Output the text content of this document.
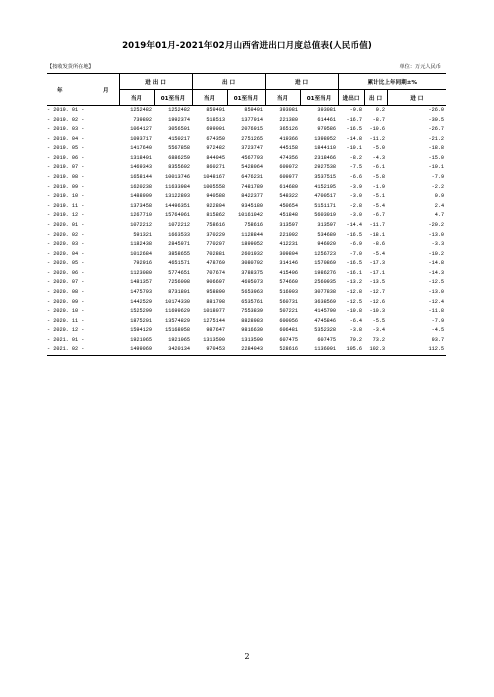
2019年01月-2021年02月山西省进出口月度总值表(人民币值)
【按收发货所在地】	单位：万元人民币
年 月	进 出 口		出 口		进 口		累计比上年同期±%		
	当月	01至当月	当月	01至当月	当月	01至当月	进出口	出 口	进 口
- 2019. 01 -	1252482	1252482	859401	859401	393081	393081	-9.8	0.2	-26.0
- 2019. 02 -	739892	1992374	518513	1377914	221380	614461	-16.7	-8.7	-30.5
- 2019. 03 -	1064127	3056501	699001	2076915	365126	979586	-16.5	-10.6	-26.7
- 2019. 04 -	1093717	4150217	674350	2751265	419366	1398952	-14.8	-11.2	-21.2
- 2019. 05 -	1417640	5567858	972482	3723747	445158	1844110	-10.1	-5.0	-18.8
- 2019. 06 -	1318401	6886259	844045	4567793	474356	2318466	-8.2	-4.3	-15.0
- 2019. 07 -	1469343	8355602	860271	5428064	609072	2927538	-7.5	-6.1	-10.1
- 2019. 08 -	1658144	10013746	1048167	6476231	609977	3537515	-6.6	-5.8	-7.9
- 2019. 09 -	1620238	11633984	1005558	7481789	614680	4152195	-3.9	-1.9	-2.2
- 2019. 10 -	1488909	13122893	940588	8422377	548322	4700517	-3.0	-5.1	0.9
- 2019. 11 -	1373458	14496351	922804	9345180	450654	5151171	-2.8	-5.4	2.4
- 2019. 12 -	1267710	15764061	815862	10161042	451848	5603019	-3.0	-6.7	4.7
- 2020. 01 -	1072212	1072212	758616	758616	313597	313597	-14.4	-11.7	-20.2
- 2020. 02 -	591321	1663533	370229	1128844	221092	534689	-16.5	-18.1	-13.0
- 2020. 03 -	1182438	2845971	770207	1899052	412231	946920	-6.9	-8.6	-3.3
- 2020. 04 -	1012684	3858655	702881	2601932	309804	1256723	-7.0	-5.4	-10.2
- 2020. 05 -	792916	4651571	478769	3080702	314146	1570869	-16.5	-17.3	-14.8
- 2020. 06 -	1123080	5774651	707674	3788375	415406	1986276	-16.1	-17.1	-14.3
- 2020. 07 -	1481357	7256008	906697	4695073	574660	2560935	-13.2	-13.5	-12.5
- 2020. 08 -	1475793	8731801	958890	5653963	516903	3077838	-12.8	-12.7	-13.0
- 2020. 09 -	1442529	10174330	881798	6535761	560731	3638569	-12.5	-12.6	-12.4
- 2020. 10 -	1525299	11699629	1018077	7553839	507221	4145790	-10.8	-10.3	-11.8
- 2020. 11 -	1875201	13574829	1275144	8828983	600056	4745846	-6.4	-5.5	-7.9
- 2020. 12 -	1594129	15168958	987647	9816630	606481	5352328	-3.8	-3.4	-4.5
- 2021. 01 -	1921065	1921065	1313590	1313590	607475	607475	79.2	73.2	93.7
- 2021. 02 -	1499069	3420134	970453	2284043	528616	1136091	105.6	102.3	112.5
2
